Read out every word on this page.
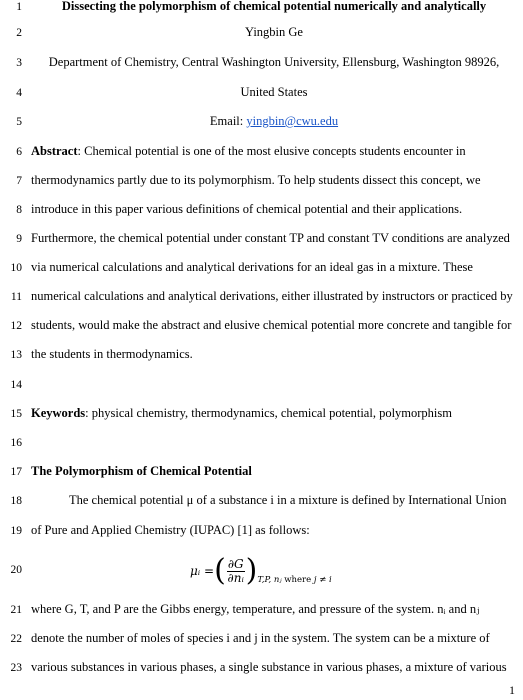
1
2
3
4
5
6
7
8
9
10
11
12
13
14
15
16
17
18
19
20
21
22
23
Dissecting the polymorphism of chemical potential numerically and analytically
Yingbin Ge
Department of Chemistry, Central Washington University, Ellensburg, Washington 98926,
United States
Email: yingbin@cwu.edu
Abstract: Chemical potential is one of the most elusive concepts students encounter in
thermodynamics partly due to its polymorphism. To help students dissect this concept, we
introduce in this paper various definitions of chemical potential and their applications.
Furthermore, the chemical potential under constant TP and constant TV conditions are analyzed
via numerical calculations and analytical derivations for an ideal gas in a mixture. These
numerical calculations and analytical derivations, either illustrated by instructors or practiced by
students, would make the abstract and elusive chemical potential more concrete and tangible for
the students in thermodynamics.
Keywords: physical chemistry, thermodynamics, chemical potential, polymorphism
The Polymorphism of Chemical Potential
The chemical potential μ of a substance i in a mixture is defined by International Union
of Pure and Applied Chemistry (IUPAC) [1] as follows:
μᵢ = ( $\frac{\partial G}{\text{∂nᵢ}}$ ) T,P, nⱼ where j ≠ i
where G, T, and P are the Gibbs energy, temperature, and pressure of the system. nᵢ and nⱼ
denote the number of moles of species i and j in the system. The system can be a mixture of
various substances in various phases, a single substance in various phases, a mixture of various
1
